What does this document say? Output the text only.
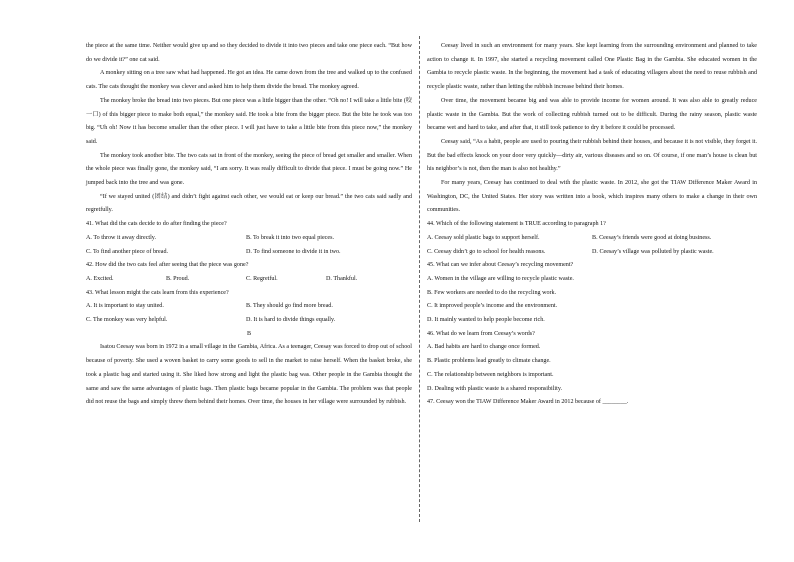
the piece at the same time. Neither would give up and so they decided to divide it into two pieces and take one piece each. “But how do we divide it?” one cat said.

A monkey sitting on a tree saw what had happened. He got an idea. He came down from the tree and walked up to the confused cats. The cats thought the monkey was clever and asked him to help them divide the bread. The monkey agreed.

The monkey broke the bread into two pieces. But one piece was a little bigger than the other. “Oh no! I will take a little bite (咬一口) of this bigger piece to make both equal,” the monkey said. He took a bite from the bigger piece. But the bite he took was too big. “Uh oh! Now it has become smaller than the other piece. I will just have to take a little bite from this piece now,” the monkey said.

The monkey took another bite. The two cats sat in front of the monkey, seeing the piece of bread get smaller and smaller. When the whole piece was finally gone, the monkey said, “I am sorry. It was really difficult to divide that piece. I must be going now.” He jumped back into the tree and was gone.

“If we stayed united (团结) and didn’t fight against each other, we would eat or keep our bread.” the two cats said sadly and regretfully.

41. What did the cats decide to do after finding the piece?

A. To throw it away directly.	B. To break it into two equal pieces.
C. To find another piece of bread.	D. To find someone to divide it in two.

42. How did the two cats feel after seeing that the piece was gone?

A. Excited.	B. Proud.	C. Regretful.	D. Thankful.

43. What lesson might the cats learn from this experience?

A. It is important to stay united.	B. They should go find more bread.
C. The monkey was very helpful.	D. It is hard to divide things equally.

B

Isatou Ceesay was born in 1972 in a small village in the Gambia, Africa. As a teenager, Ceesay was forced to drop out of school because of poverty. She used a woven basket to carry some goods to sell in the market to raise herself. When the basket broke, she took a plastic bag and started using it. She liked how strong and light the plastic bag was. Other people in the Gambia thought the same and saw the same advantages of plastic bags. Then plastic bags became popular in the Gambia. The problem was that people did not reuse the bags and simply threw them behind their homes. Over time, the houses in her village were surrounded by rubbish.

Ceesay lived in such an environment for many years. She kept learning from the surrounding environment and planned to take action to change it. In 1997, she started a recycling movement called One Plastic Bag in the Gambia. She educated women in the Gambia to recycle plastic waste. In the beginning, the movement had a task of educating villagers about the need to reuse rubbish and recycle plastic waste, rather than letting the rubbish increase behind their homes.

Over time, the movement became big and was able to provide income for women around. It was also able to greatly reduce plastic waste in the Gambia. But the work of collecting rubbish turned out to be difficult. During the rainy season, plastic waste became wet and hard to take, and after that, it still took patience to dry it before it could be processed.

Ceesay said, “As a habit, people are used to pouring their rubbish behind their houses, and because it is not visible, they forget it. But the bad effects knock on your door very quickly—dirty air, various diseases and so on. Of course, if one man’s house is clean but his neighbor’s is not, then the man is also not healthy.”

For many years, Ceesay has continued to deal with the plastic waste. In 2012, she got the TIAW Difference Maker Award in Washington, DC, the United States. Her story was written into a book, which inspires many others to make a change in their own communities.

44. Which of the following statement is TRUE according to paragraph 1?

A. Ceesay sold plastic bags to support herself.	B. Ceesay’s friends were good at doing business.
C. Ceesay didn’t go to school for health reasons.	D. Ceesay’s village was polluted by plastic waste.

45. What can we infer about Ceesay’s recycling movement?

A. Women in the village are willing to recycle plastic waste.

B. Few workers are needed to do the recycling work.

C. It improved people’s income and the environment.

D. It mainly wanted to help people become rich.

46. What do we learn from Ceesay’s words?

A. Bad habits are hard to change once formed.

B. Plastic problems lead greatly to climate change.

C. The relationship between neighbors is important.

D. Dealing with plastic waste is a shared responsibility.

47. Ceesay won the TIAW Difference Maker Award in 2012 because of ________.
